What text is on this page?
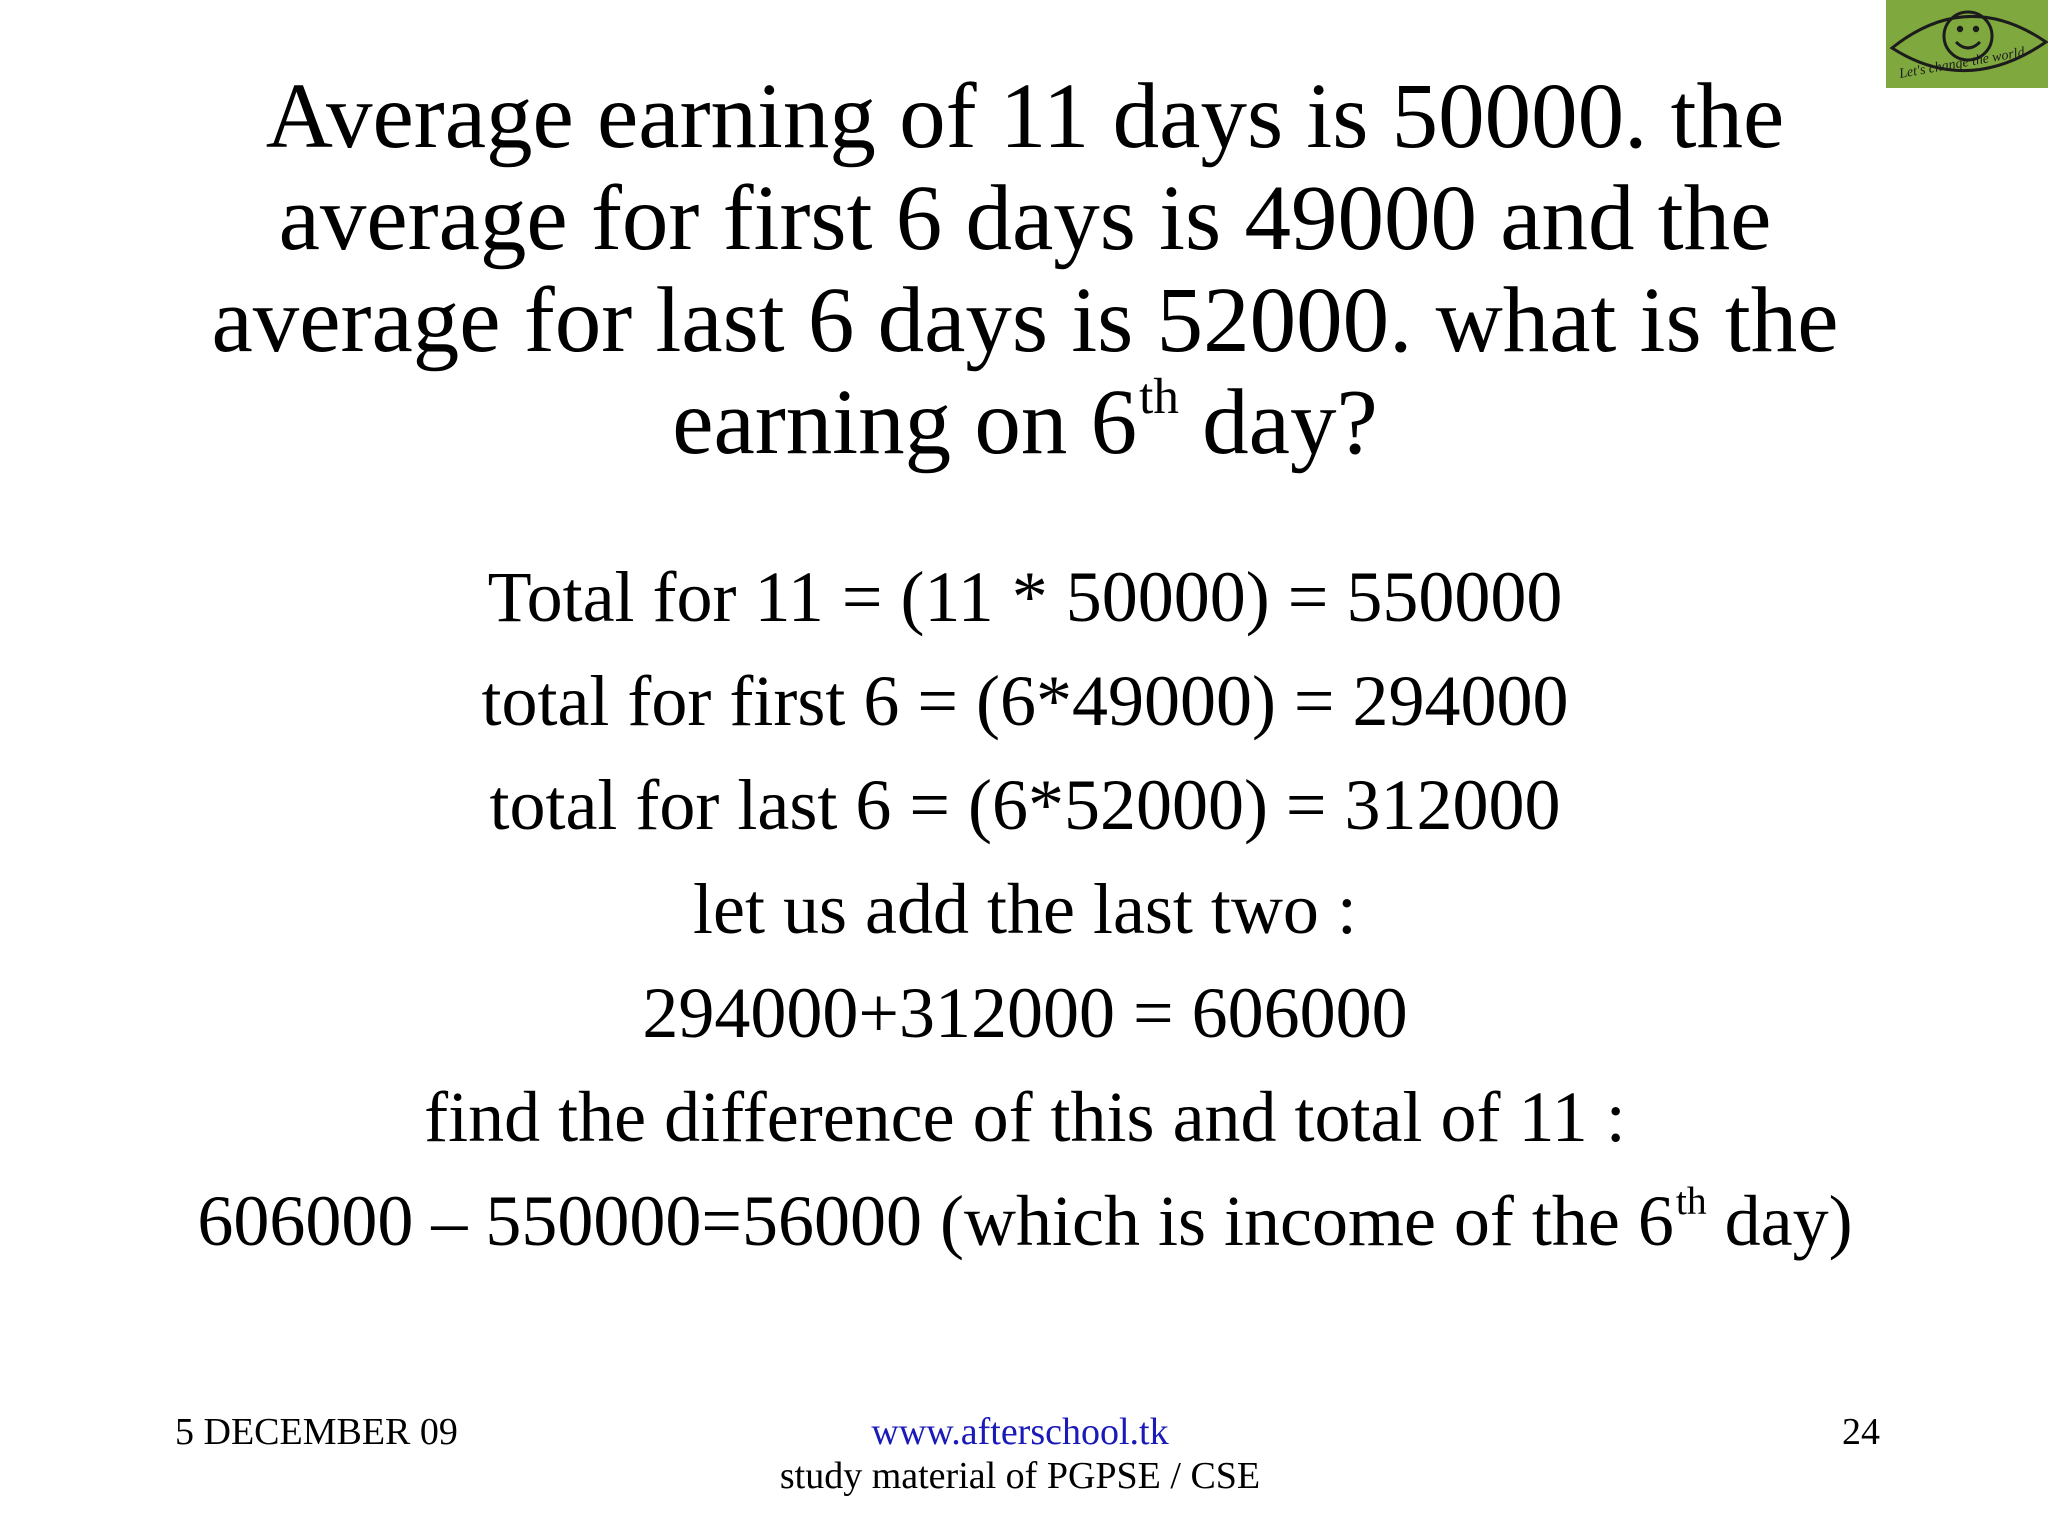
Let's change the world
Average earning of 11 days is 50000. the
average for first 6 days is 49000 and the
average for last 6 days is 52000. what is the
earning on 6th day?
Total for 11 = (11 * 50000) = 550000
total for first 6 = (6*49000) = 294000
total for last 6 = (6*52000) = 312000
let us add the last two :
294000+312000 = 606000
find the difference of this and total of 11 :
606000 – 550000=56000 (which is income of the 6th day)
5 DECEMBER 09	www.afterschool.tk
study material of PGPSE / CSE
24
